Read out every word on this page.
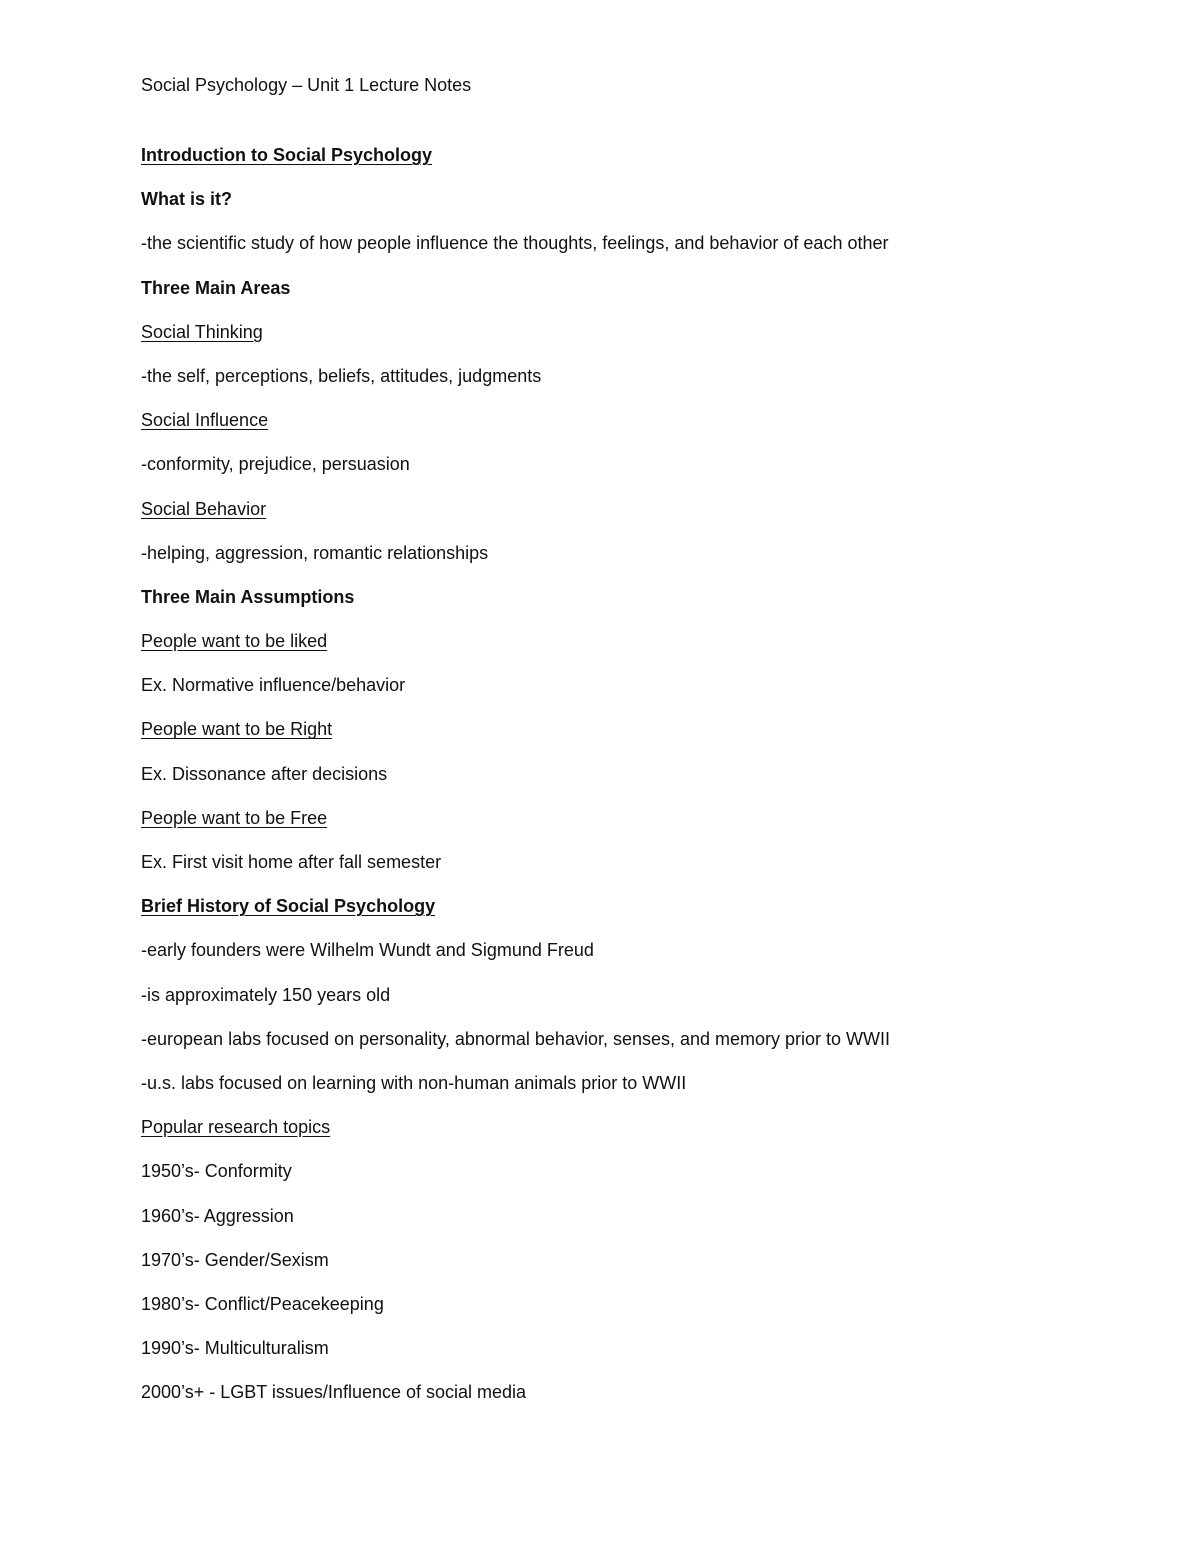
Social Psychology – Unit 1 Lecture Notes
Introduction to Social Psychology
What is it?
-the scientific study of how people influence the thoughts, feelings, and behavior of each other
Three Main Areas
Social Thinking
-the self, perceptions, beliefs, attitudes, judgments
Social Influence
-conformity, prejudice, persuasion
Social Behavior
-helping, aggression, romantic relationships
Three Main Assumptions
People want to be liked
Ex. Normative influence/behavior
People want to be Right
Ex. Dissonance after decisions
People want to be Free
Ex. First visit home after fall semester
Brief History of Social Psychology
-early founders were Wilhelm Wundt and Sigmund Freud
-is approximately 150 years old
-european labs focused on personality, abnormal behavior, senses, and memory prior to WWII
-u.s. labs focused on learning with non-human animals prior to WWII
Popular research topics
1950’s- Conformity
1960’s- Aggression
1970’s- Gender/Sexism
1980’s- Conflict/Peacekeeping
1990’s- Multiculturalism
2000’s+ - LGBT issues/Influence of social media
